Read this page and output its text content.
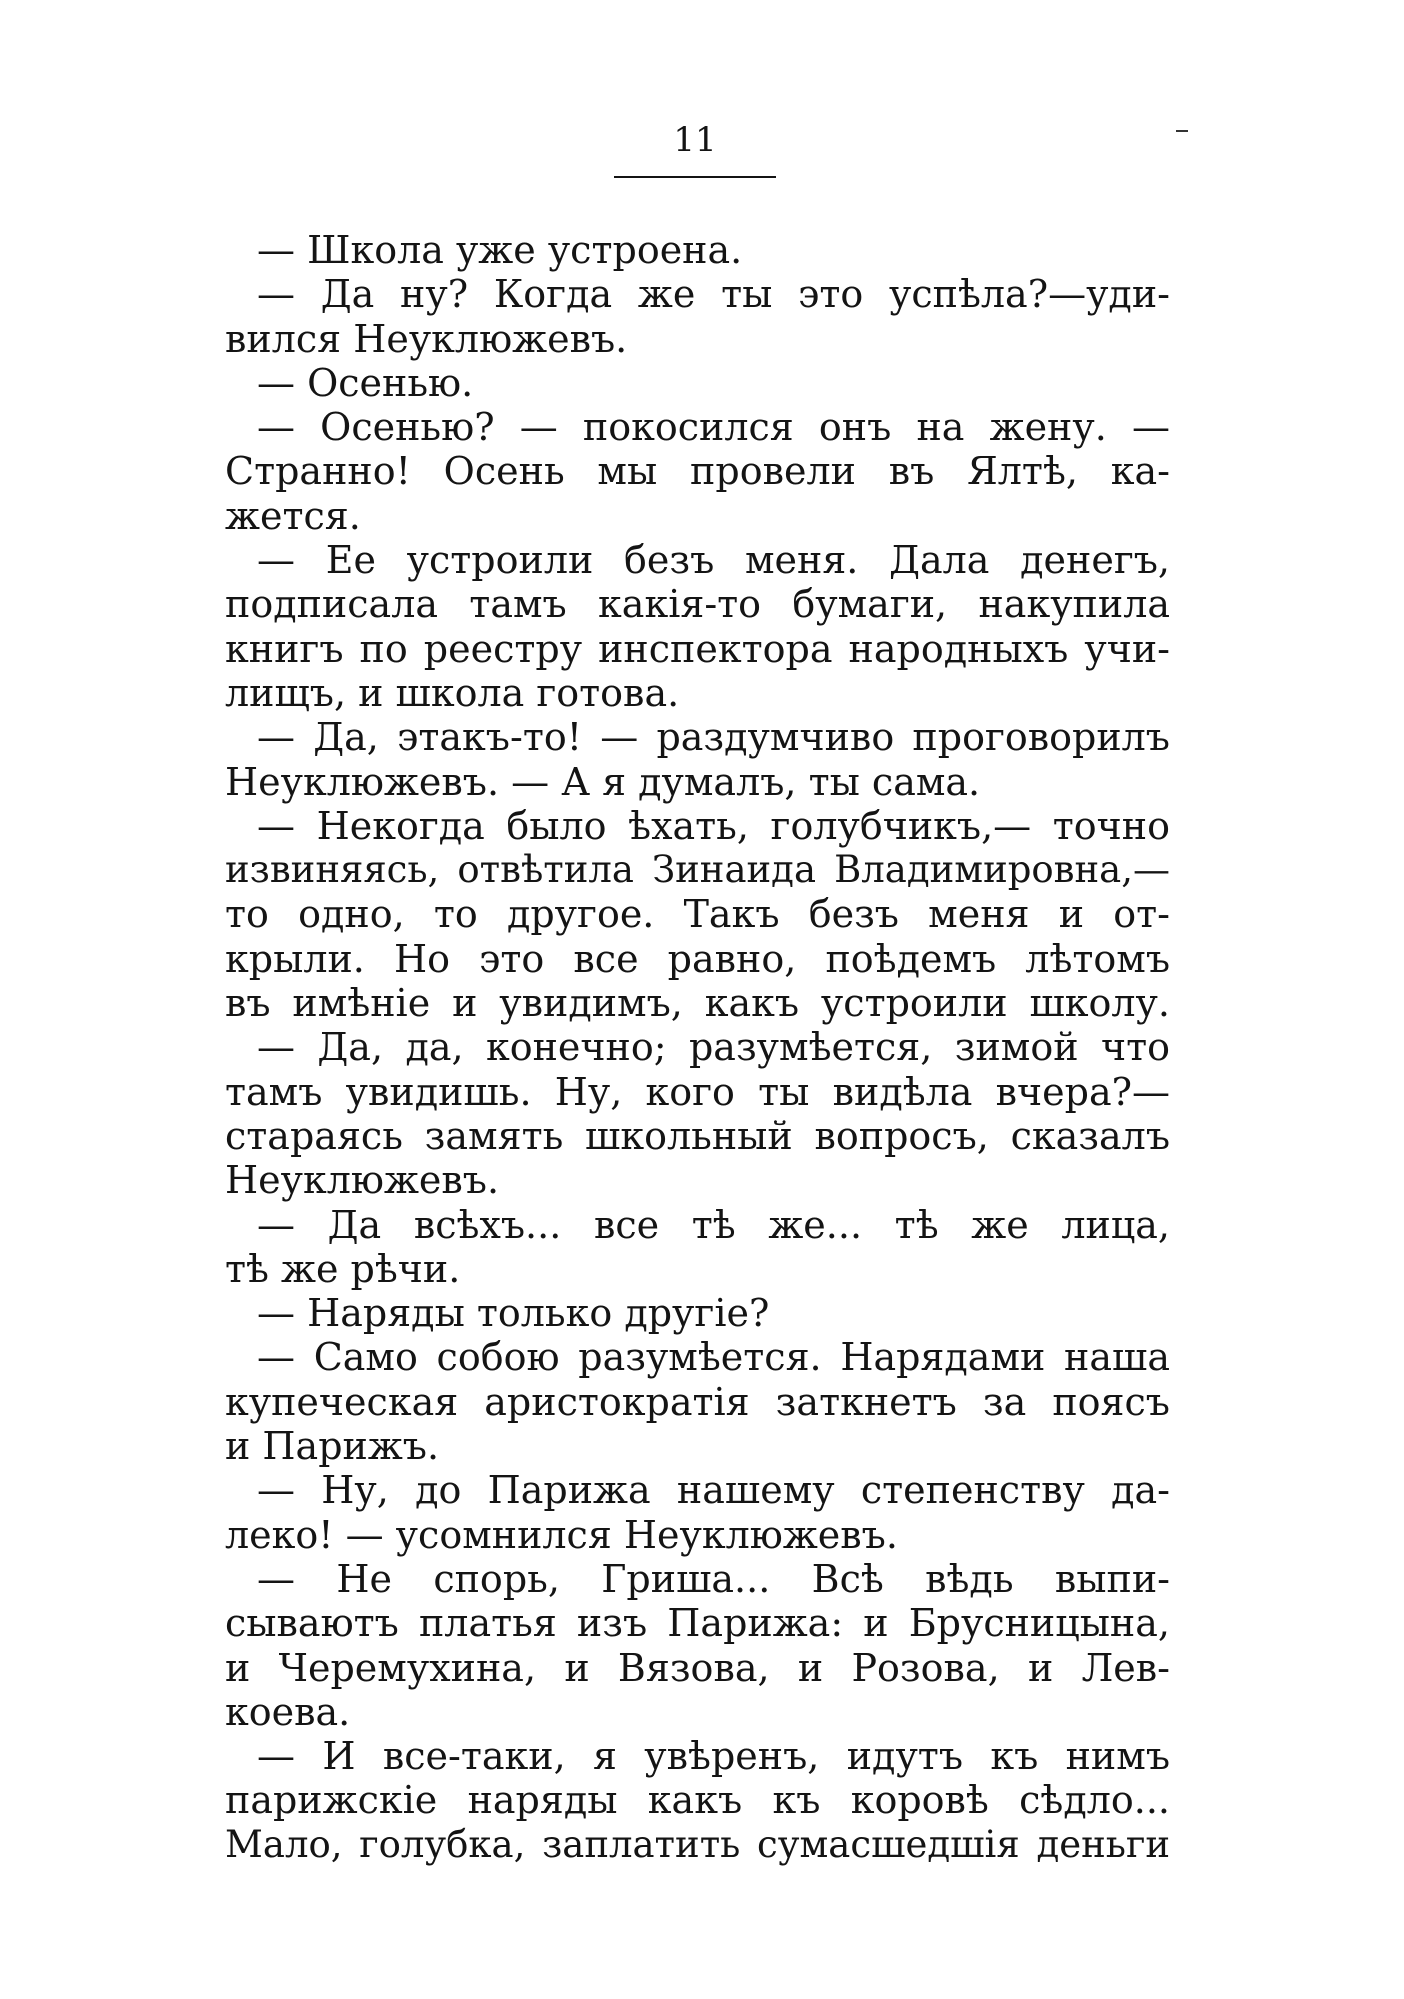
11
— Школа уже устроена.
— Да ну? Когда же ты это успѣла?—уди-
вился Неуклюжевъ.
— Осенью.
— Осенью? — покосился онъ на жену. —
Странно! Осень мы провели въ Ялтѣ, ка-
жется.
— Ее устроили безъ меня. Дала денегъ,
подписала тамъ какія-то бумаги, накупила
книгъ по реестру инспектора народныхъ учи-
лищъ, и школа готова.
— Да, этакъ-то! — раздумчиво проговорилъ
Неуклюжевъ. — А я думалъ, ты сама.
— Некогда было ѣхать, голубчикъ,— точно
извиняясь, отвѣтила Зинаида Владимировна,—
то одно, то другое. Такъ безъ меня и от-
крыли. Но это все равно, поѣдемъ лѣтомъ
въ имѣніе и увидимъ, какъ устроили школу.
— Да, да, конечно; разумѣется, зимой что
тамъ увидишь. Ну, кого ты видѣла вчера?—
стараясь замять школьный вопросъ, сказалъ
Неуклюжевъ.
— Да всѣхъ... все тѣ же... тѣ же лица,
тѣ же рѣчи.
— Наряды только другіе?
— Само собою разумѣется. Нарядами наша
купеческая аристократія заткнетъ за поясъ
и Парижъ.
— Ну, до Парижа нашему степенству да-
леко! — усомнился Неуклюжевъ.
— Не спорь, Гриша... Всѣ вѣдь выпи-
сываютъ платья изъ Парижа: и Брусницына,
и Черемухина, и Вязова, и Розова, и Лев-
коева.
— И все-таки, я увѣренъ, идутъ къ нимъ
парижскіе наряды какъ къ коровѣ сѣдло...
Мало, голубка, заплатить сумасшедшія деньги
